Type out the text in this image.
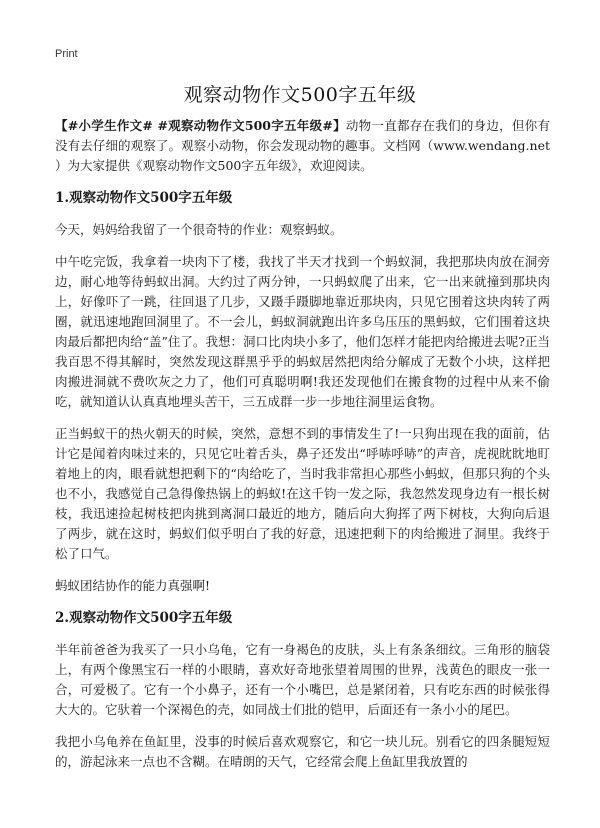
Print
观察动物作文500字五年级

【#小学生作文# #观察动物作文500字五年级#】动物一直都存在我们的身边，但你有没有去仔细的观察了。观察小动物，你会发现动物的趣事。文档网（www.wendang.net ）为大家提供《观察动物作文500字五年级》，欢迎阅读。

1.观察动物作文500字五年级

今天，妈妈给我留了一个很奇特的作业：观察蚂蚁。

中午吃完饭，我拿着一块肉下了楼，我找了半天才找到一个蚂蚁洞，我把那块肉放在洞旁边，耐心地等待蚂蚁出洞。大约过了两分钟，一只蚂蚁爬了出来，它一出来就撞到那块肉上，好像吓了一跳，往回退了几步，又蹑手蹑脚地靠近那块肉，只见它围着这块肉转了两圈，就迅速地跑回洞里了。不一会儿，蚂蚁洞就跑出许多乌压压的黑蚂蚁，它们围着这块肉最后都把肉给“盖”住了。我想：洞口比肉块小多了，他们怎样才能把肉给搬进去呢?正当我百思不得其解时，突然发现这群黑乎乎的蚂蚁居然把肉给分解成了无数个小块，这样把肉搬进洞就不费吹灰之力了，他们可真聪明啊!我还发现他们在搬食物的过程中从来不偷吃，就知道认认真真地埋头苦干，三五成群一步一步地往洞里运食物。

正当蚂蚁干的热火朝天的时候，突然，意想不到的事情发生了!一只狗出现在我的面前，估计它是闻着肉味过来的，只见它吐着舌头，鼻子还发出“呼哧呼哧”的声音，虎视眈眈地盯着地上的肉，眼看就想把剩下的“肉给吃了，当时我非常担心那些小蚂蚁，但那只狗的个头也不小，我感觉自己急得像热锅上的蚂蚁!在这千钧一发之际，我忽然发现身边有一根长树枝，我迅速捡起树枝把肉挑到离洞口最近的地方，随后向大狗挥了两下树枝，大狗向后退了两步，就在这时，蚂蚁们似乎明白了我的好意，迅速把剩下的肉给搬进了洞里。我终于松了口气。

蚂蚁团结协作的能力真强啊!

2.观察动物作文500字五年级

半年前爸爸为我买了一只小乌龟，它有一身褐色的皮肤，头上有条条细纹。三角形的脑袋上，有两个像黑宝石一样的小眼睛，喜欢好奇地张望着周围的世界，浅黄色的眼皮一张一合，可爱极了。它有一个小鼻子，还有一个小嘴巴，总是紧闭着，只有吃东西的时候张得大大的。它驮着一个深褐色的壳，如同战士们批的铠甲，后面还有一条小小的尾巴。

我把小乌龟养在鱼缸里，没事的时候后喜欢观察它，和它一块儿玩。别看它的四条腿短短的，游起泳来一点也不含糊。在晴朗的天气，它经常会爬上鱼缸里我放置的
